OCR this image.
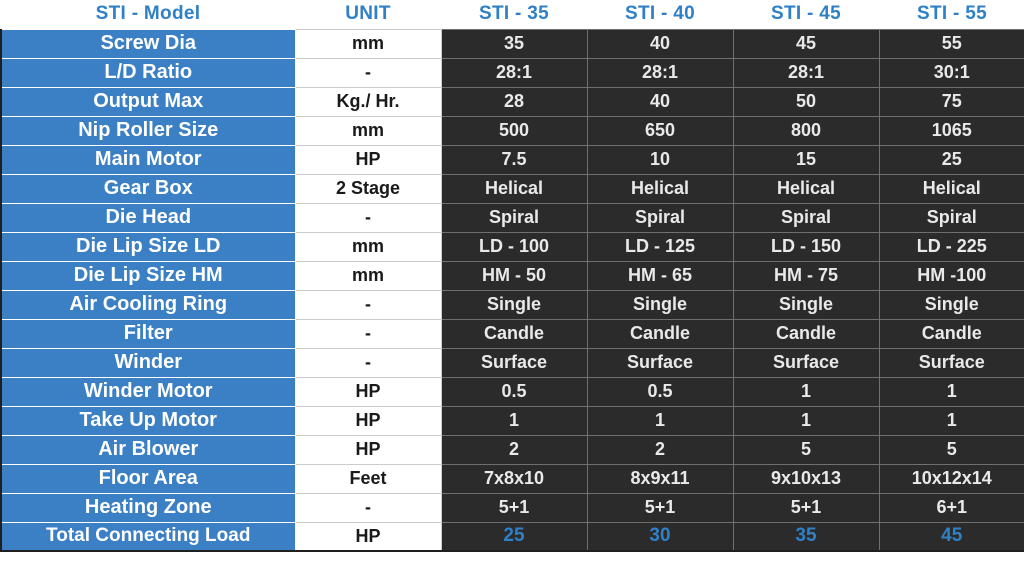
STI - Model	UNIT	STI - 35	STI - 40	STI - 45	STI - 55
Screw Dia	mm	35	40	45	55
L/D Ratio	-	28:1	28:1	28:1	30:1
Output Max	Kg./ Hr.	28	40	50	75
Nip Roller Size	mm	500	650	800	1065
Main Motor	HP	7.5	10	15	25
Gear Box	2 Stage	Helical	Helical	Helical	Helical
Die Head	-	Spiral	Spiral	Spiral	Spiral
Die Lip Size LD	mm	LD - 100	LD - 125	LD - 150	LD - 225
Die Lip Size HM	mm	HM - 50	HM - 65	HM - 75	HM -100
Air Cooling Ring	-	Single	Single	Single	Single
Filter	-	Candle	Candle	Candle	Candle
Winder	-	Surface	Surface	Surface	Surface
Winder Motor	HP	0.5	0.5	1	1
Take Up Motor	HP	1	1	1	1
Air Blower	HP	2	2	5	5
Floor Area	Feet	7x8x10	8x9x11	9x10x13	10x12x14
Heating Zone	-	5+1	5+1	5+1	6+1
Total Connecting Load	HP	25	30	35	45
